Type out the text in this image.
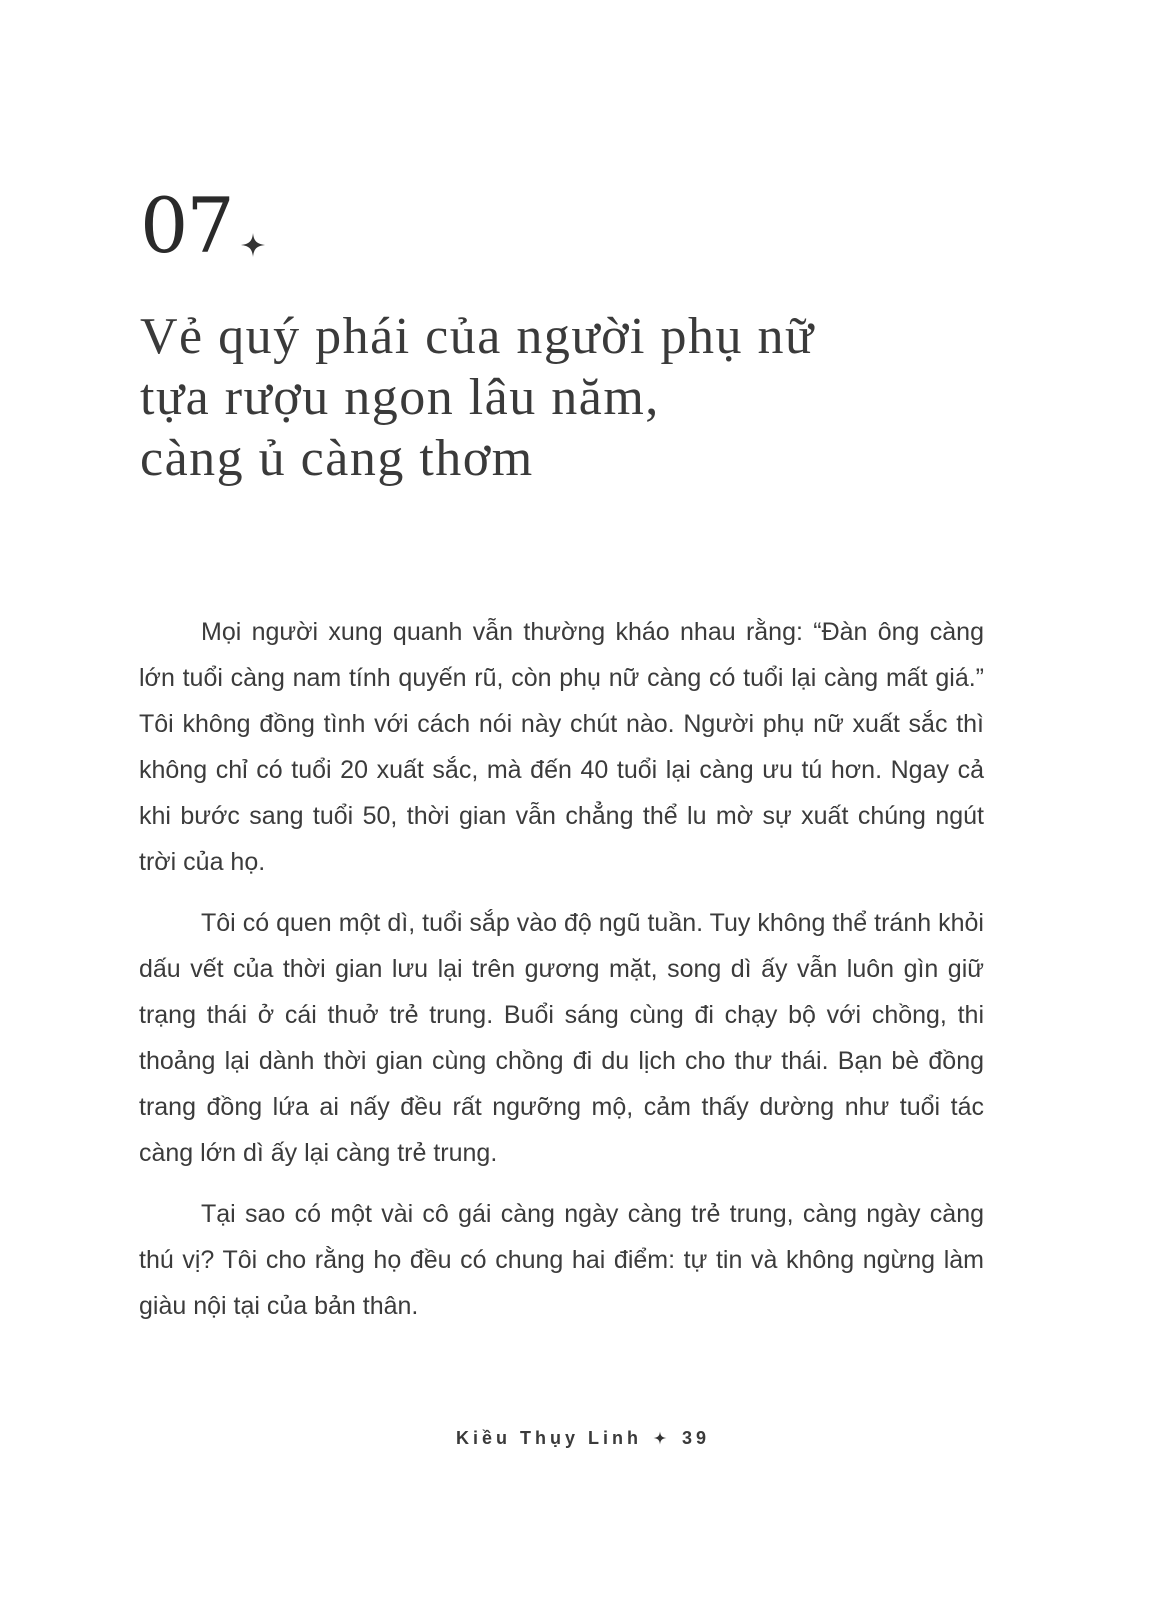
07
Vẻ quý phái của người phụ nữ
tựa rượu ngon lâu năm,
càng ủ càng thơm

Mọi người xung quanh vẫn thường kháo nhau rằng: “Đàn ông càng lớn tuổi càng nam tính quyến rũ, còn phụ nữ càng có tuổi lại càng mất giá.” Tôi không đồng tình với cách nói này chút nào. Người phụ nữ xuất sắc thì không chỉ có tuổi 20 xuất sắc, mà đến 40 tuổi lại càng ưu tú hơn. Ngay cả khi bước sang tuổi 50, thời gian vẫn chẳng thể lu mờ sự xuất chúng ngút trời của họ.

Tôi có quen một dì, tuổi sắp vào độ ngũ tuần. Tuy không thể tránh khỏi dấu vết của thời gian lưu lại trên gương mặt, song dì ấy vẫn luôn gìn giữ trạng thái ở cái thuở trẻ trung. Buổi sáng cùng đi chạy bộ với chồng, thi thoảng lại dành thời gian cùng chồng đi du lịch cho thư thái. Bạn bè đồng trang đồng lứa ai nấy đều rất ngưỡng mộ, cảm thấy dường như tuổi tác càng lớn dì ấy lại càng trẻ trung.

Tại sao có một vài cô gái càng ngày càng trẻ trung, càng ngày càng thú vị? Tôi cho rằng họ đều có chung hai điểm: tự tin và không ngừng làm giàu nội tại của bản thân.

Kiều Thụy Linh 39
